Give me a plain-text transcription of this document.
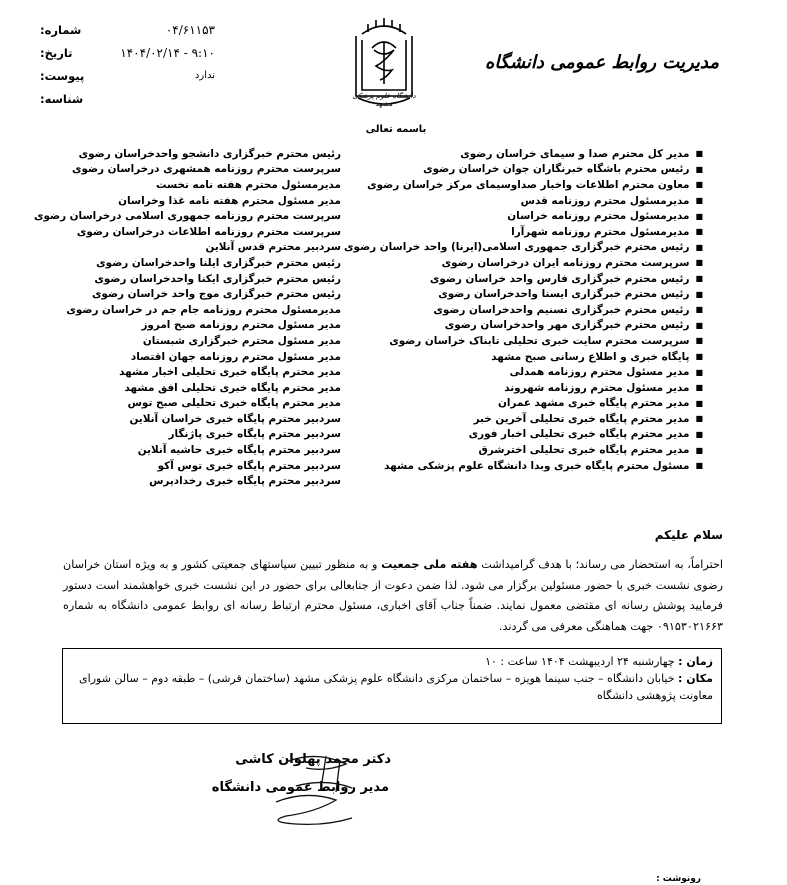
۰۴/۶۱۱۵۳
شماره:
۱۴۰۴/۰۲/۱۴ - ۹:۱۰
تاریخ:
ندارد
پیوست:
شناسه:	دانشگاه علوم پزشکی مشهد
مدیریت روابط عمومی دانشگاه
باسمه تعالی
■
مدیر کل محترم صدا و سیمای خراسان رضوی
■
رئیس محترم باشگاه خبرنگاران جوان خراسان رضوی
■
معاون محترم اطلاعات واخبار صداوسیمای مرکز خراسان رضوی
■
مدیرمسئول محترم روزنامه قدس
■
مدیرمسئول محترم روزنامه خراسان
■
مدیرمسئول محترم روزنامه شهرآرا
■
رئیس محترم خبرگزاری جمهوری اسلامی(ایرنا) واحد خراسان رضوی
■
سرپرست محترم روزنامه ایران درخراسان رضوی
■
رئیس محترم خبرگزاری فارس واحد خراسان رضوی
■
رئیس محترم خبرگزاری ایسنا واحدخراسان رضوی
■
رئیس محترم خبرگزاری تسنیم واحدخراسان رضوی
■
رئیس محترم خبرگزاری مهر واحدخراسان رضوی
■
سرپرست محترم سایت خبری تحلیلی تابناک خراسان رضوی
■
پایگاه خبری و اطلاع رسانی صبح مشهد
■
مدیر مسئول محترم روزنامه همدلی
■
مدیر مسئول محترم روزنامه شهروند
■
مدیر محترم پایگاه خبری مشهد عمران
■
مدیر محترم پایگاه خبری تحلیلی آخرین خبر
■
مدیر محترم پایگاه خبری تحلیلی اخبار فوری
■
مدیر محترم پایگاه خبری تحلیلی اخترشرق
■
مسئول محترم پایگاه خبری وبدا دانشگاه علوم پزشکی مشهد
رئیس محترم خبرگزاری دانشجو واحدخراسان رضوی
سرپرست محترم روزنامه همشهری درخراسان رضوی
مدیرمسئول محترم هفته نامه نخست
مدیر مسئول محترم هفته نامه غذا وخراسان
سرپرست محترم روزنامه جمهوری اسلامی درخراسان رضوی
سرپرست محترم روزنامه اطلاعات درخراسان رضوی
سردبیر محترم قدس آنلاین
رئیس محترم خبرگزاری ایلنا واحدخراسان رضوی
رئیس محترم خبرگزاری ایکنا واحدخراسان رضوی
رئیس محترم خبرگزاری موج واحد خراسان رضوی
مدیرمسئول محترم روزنامه جام جم در خراسان رضوی
مدیر مسئول محترم روزنامه صبح امروز
مدیر مسئول محترم خبرگزاری شبستان
مدیر مسئول محترم روزنامه جهان اقتصاد
مدیر محترم پایگاه خبری تحلیلی اخبار مشهد
مدیر محترم پایگاه خبری تحلیلی افق مشهد
مدیر محترم پایگاه خبری تحلیلی صبح توس
سردبیر محترم پایگاه خبری خراسان آنلاین
سردبیر محترم پایگاه خبری پاژنگار
سردبیر محترم پایگاه خبری حاشیه آنلاین
سردبیر محترم پایگاه خبری توس آکو
سردبیر محترم پایگاه خبری رخدادپرس
سلام علیکم
احتراماً، به استحضار می رساند؛ با هدف گرامیداشت هفته ملی جمعیت و به منظور تبیین سیاستهای جمعیتی کشور و به ویژه استان خراسان رضوی نشست خبری با حضور مسئولین برگزار می شود. لذا ضمن دعوت از جنابعالی برای حضور در این نشست خبری خواهشمند است دستور فرمایید پوشش رسانه ای مقتضی معمول نمایند. ضمناً جناب آقای اخباری، مسئول محترم ارتباط رسانه ای روابط عمومی دانشگاه به شماره ۰۹۱۵۳۰۲۱۶۶۳ جهت هماهنگی معرفی می گردند.
زمان : چهارشنبه ۲۴ اردیبهشت ۱۴۰۴ ساعت : ۱۰
مکان : خیابان دانشگاه – جنب سینما هویزه – ساختمان مرکزی دانشگاه علوم پزشکی مشهد (ساختمان قرشی) – طبقه دوم – سالن شورای معاونت پژوهشی دانشگاه
دکتر محمد پهلوان کاشی
مدیر روابط عمومی دانشگاه
رونوشت :
